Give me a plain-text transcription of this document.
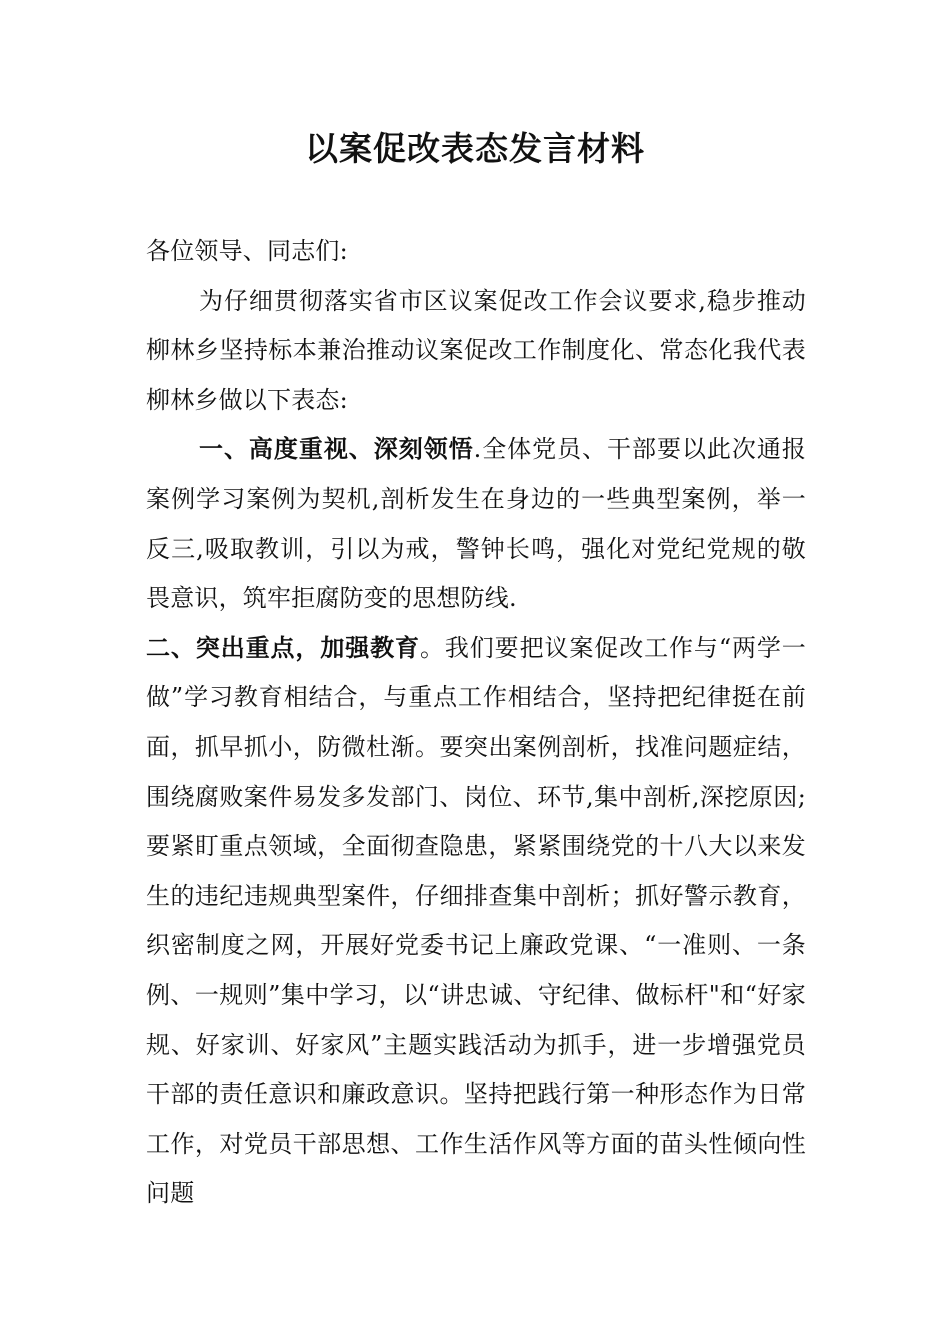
以案促改表态发言材料

各位领导、同志们:

为仔细贯彻落实省市区议案促改工作会议要求,稳步推动柳林乡坚持标本兼治推动议案促改工作制度化、常态化我代表柳林乡做以下表态:

一、高度重视、深刻领悟.全体党员、干部要以此次通报案例学习案例为契机,剖析发生在身边的一些典型案例，举一反三,吸取教训，引以为戒，警钟长鸣，强化对党纪党规的敬畏意识，筑牢拒腐防变的思想防线.

二、突出重点，加强教育。我们要把议案促改工作与“两学一做”学习教育相结合，与重点工作相结合，坚持把纪律挺在前面，抓早抓小，防微杜渐。要突出案例剖析，找准问题症结，围绕腐败案件易发多发部门、岗位、环节,集中剖析,深挖原因;要紧盯重点领域，全面彻查隐患，紧紧围绕党的十八大以来发生的违纪违规典型案件，仔细排查集中剖析；抓好警示教育，织密制度之网，开展好党委书记上廉政党课、“一准则、一条例、一规则”集中学习，以“讲忠诚、守纪律、做标杆"和“好家规、好家训、好家风”主题实践活动为抓手，进一步增强党员干部的责任意识和廉政意识。坚持把践行第一种形态作为日常工作，对党员干部思想、工作生活作风等方面的苗头性倾向性问题
